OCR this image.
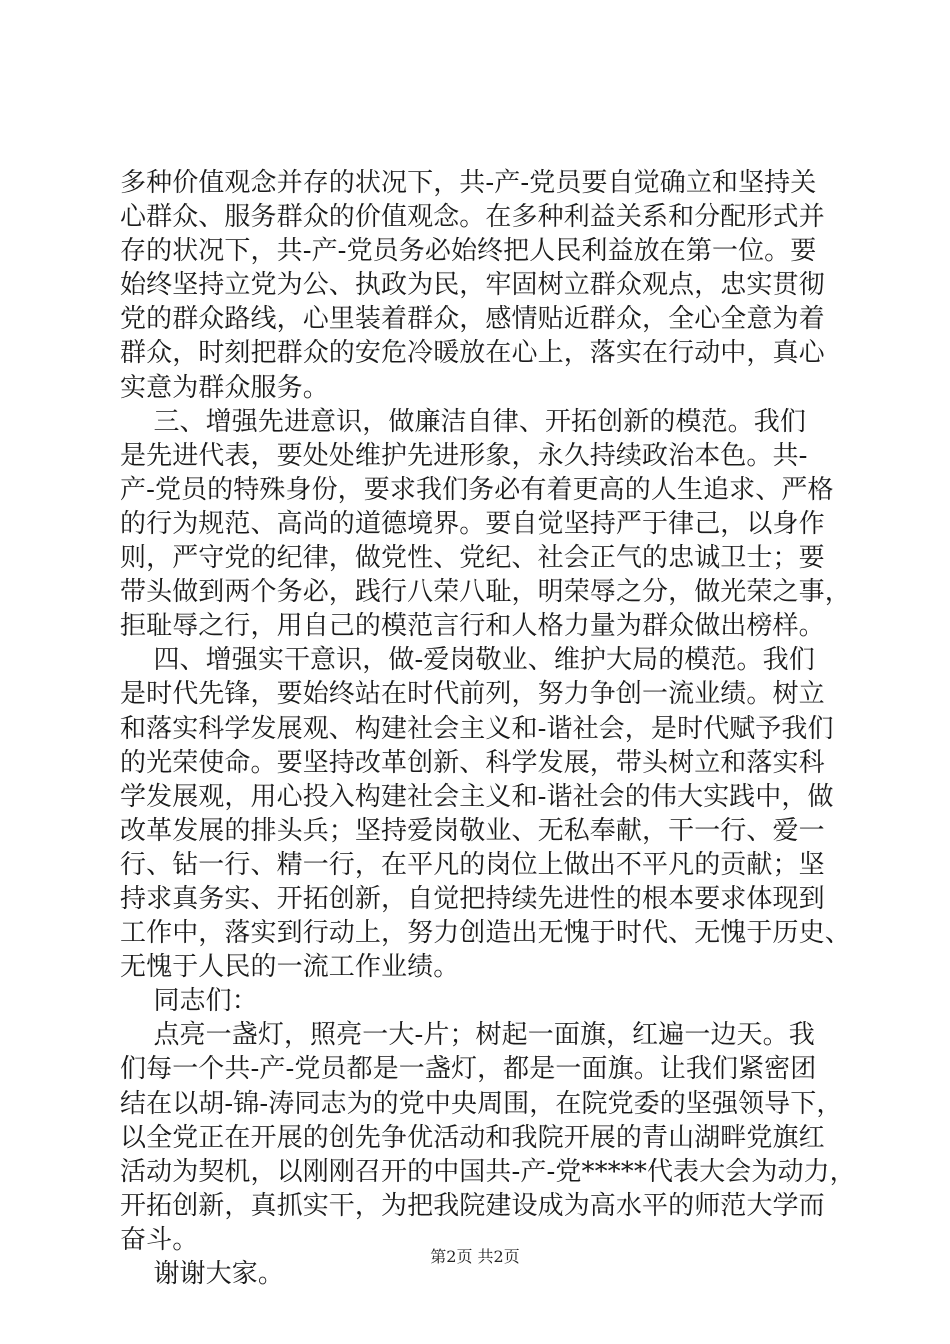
多种价值观念并存的状况下，共-产-党员要自觉确立和坚持关
心群众、服务群众的价值观念。在多种利益关系和分配形式并
存的状况下，共-产-党员务必始终把人民利益放在第一位。要
始终坚持立党为公、执政为民，牢固树立群众观点，忠实贯彻
党的群众路线，心里装着群众，感情贴近群众，全心全意为着
群众，时刻把群众的安危冷暖放在心上，落实在行动中，真心
实意为群众服务。
三、增强先进意识，做廉洁自律、开拓创新的模范。我们
是先进代表，要处处维护先进形象，永久持续政治本色。共-
产-党员的特殊身份，要求我们务必有着更高的人生追求、严格
的行为规范、高尚的道德境界。要自觉坚持严于律己，以身作
则，严守党的纪律，做党性、党纪、社会正气的忠诚卫士；要
带头做到两个务必，践行八荣八耻，明荣辱之分，做光荣之事，
拒耻辱之行，用自己的模范言行和人格力量为群众做出榜样。
四、增强实干意识，做-爱岗敬业、维护大局的模范。我们
是时代先锋，要始终站在时代前列，努力争创一流业绩。树立
和落实科学发展观、构建社会主义和-谐社会，是时代赋予我们
的光荣使命。要坚持改革创新、科学发展，带头树立和落实科
学发展观，用心投入构建社会主义和-谐社会的伟大实践中，做
改革发展的排头兵；坚持爱岗敬业、无私奉献，干一行、爱一
行、钻一行、精一行，在平凡的岗位上做出不平凡的贡献；坚
持求真务实、开拓创新，自觉把持续先进性的根本要求体现到
工作中，落实到行动上，努力创造出无愧于时代、无愧于历史、
无愧于人民的一流工作业绩。
同志们：
点亮一盏灯，照亮一大-片；树起一面旗，红遍一边天。我
们每一个共-产-党员都是一盏灯，都是一面旗。让我们紧密团
结在以胡-锦-涛同志为的党中央周围，在院党委的坚强领导下，
以全党正在开展的创先争优活动和我院开展的青山湖畔党旗红
活动为契机，以刚刚召开的中国共-产-党*****代表大会为动力，
开拓创新，真抓实干，为把我院建设成为高水平的师范大学而
奋斗。
谢谢大家。
第2页 共2页
